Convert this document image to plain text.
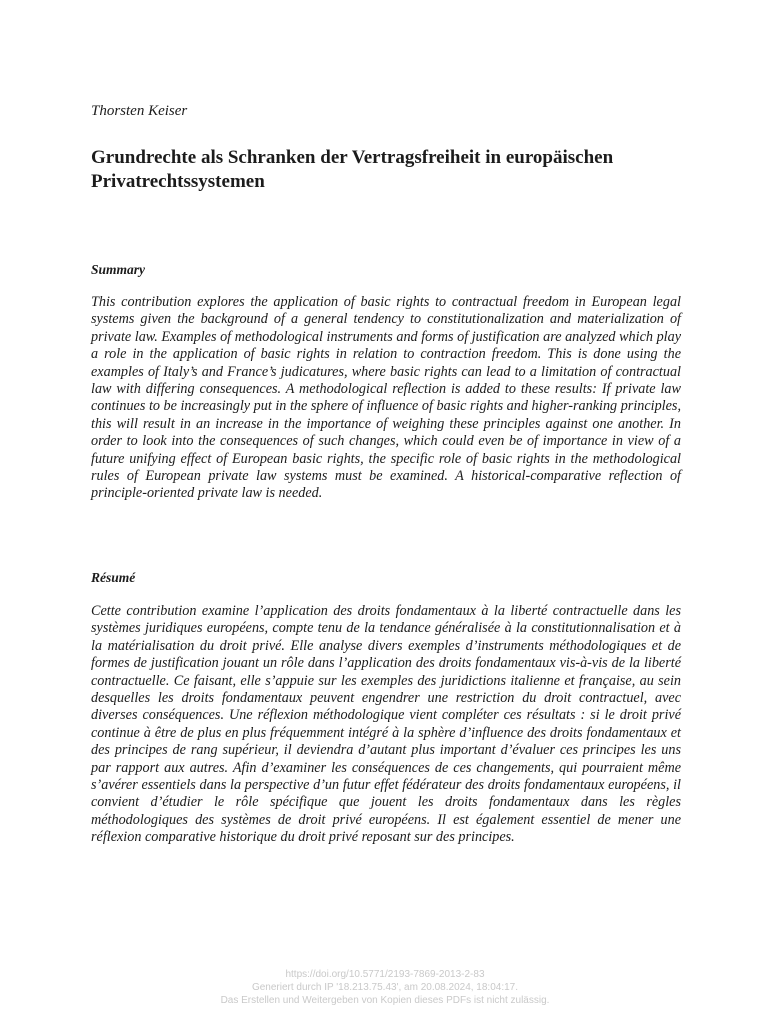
Thorsten Keiser
Grundrechte als Schranken der Vertragsfreiheit in europäischen Privatrechtssystemen
Summary

This contribution explores the application of basic rights to contractual freedom in European legal systems given the background of a general tendency to constitutionalization and materialization of private law. Examples of methodological instruments and forms of justification are analyzed which play a role in the application of basic rights in relation to contraction freedom. This is done using the examples of Italy’s and France’s judicatures, where basic rights can lead to a limitation of contractual law with differing consequences. A methodological reflection is added to these results: If private law continues to be increasingly put in the sphere of influence of basic rights and higher-ranking principles, this will result in an increase in the importance of weighing these principles against one another. In order to look into the consequences of such changes, which could even be of importance in view of a future unifying effect of European basic rights, the specific role of basic rights in the methodological rules of European private law systems must be examined. A historical-comparative reflection of principle-oriented private law is needed.

Résumé

Cette contribution examine l’application des droits fondamentaux à la liberté contractuelle dans les systèmes juridiques européens, compte tenu de la tendance généralisée à la constitutionnalisation et à la matérialisation du droit privé. Elle analyse divers exemples d’instruments méthodologiques et de formes de justification jouant un rôle dans l’application des droits fondamentaux vis-à-vis de la liberté contractuelle. Ce faisant, elle s’appuie sur les exemples des juridictions italienne et française, au sein desquelles les droits fondamentaux peuvent engendrer une restriction du droit contractuel, avec diverses conséquences. Une réflexion méthodologique vient compléter ces résultats : si le droit privé continue à être de plus en plus fréquemment intégré à la sphère d’influence des droits fondamentaux et des principes de rang supérieur, il deviendra d’autant plus important d’évaluer ces principes les uns par rapport aux autres. Afin d’examiner les conséquences de ces changements, qui pourraient même s’avérer essentiels dans la perspective d’un futur effet fédérateur des droits fondamentaux européens, il convient d’étudier le rôle spécifique que jouent les droits fondamentaux dans les règles méthodologiques des systèmes de droit privé européens. Il est également essentiel de mener une réflexion comparative historique du droit privé reposant sur des principes.

https://doi.org/10.5771/2193-7869-2013-2-83
Generiert durch IP '18.213.75.43', am 20.08.2024, 18:04:17.
Das Erstellen und Weitergeben von Kopien dieses PDFs ist nicht zulässig.
